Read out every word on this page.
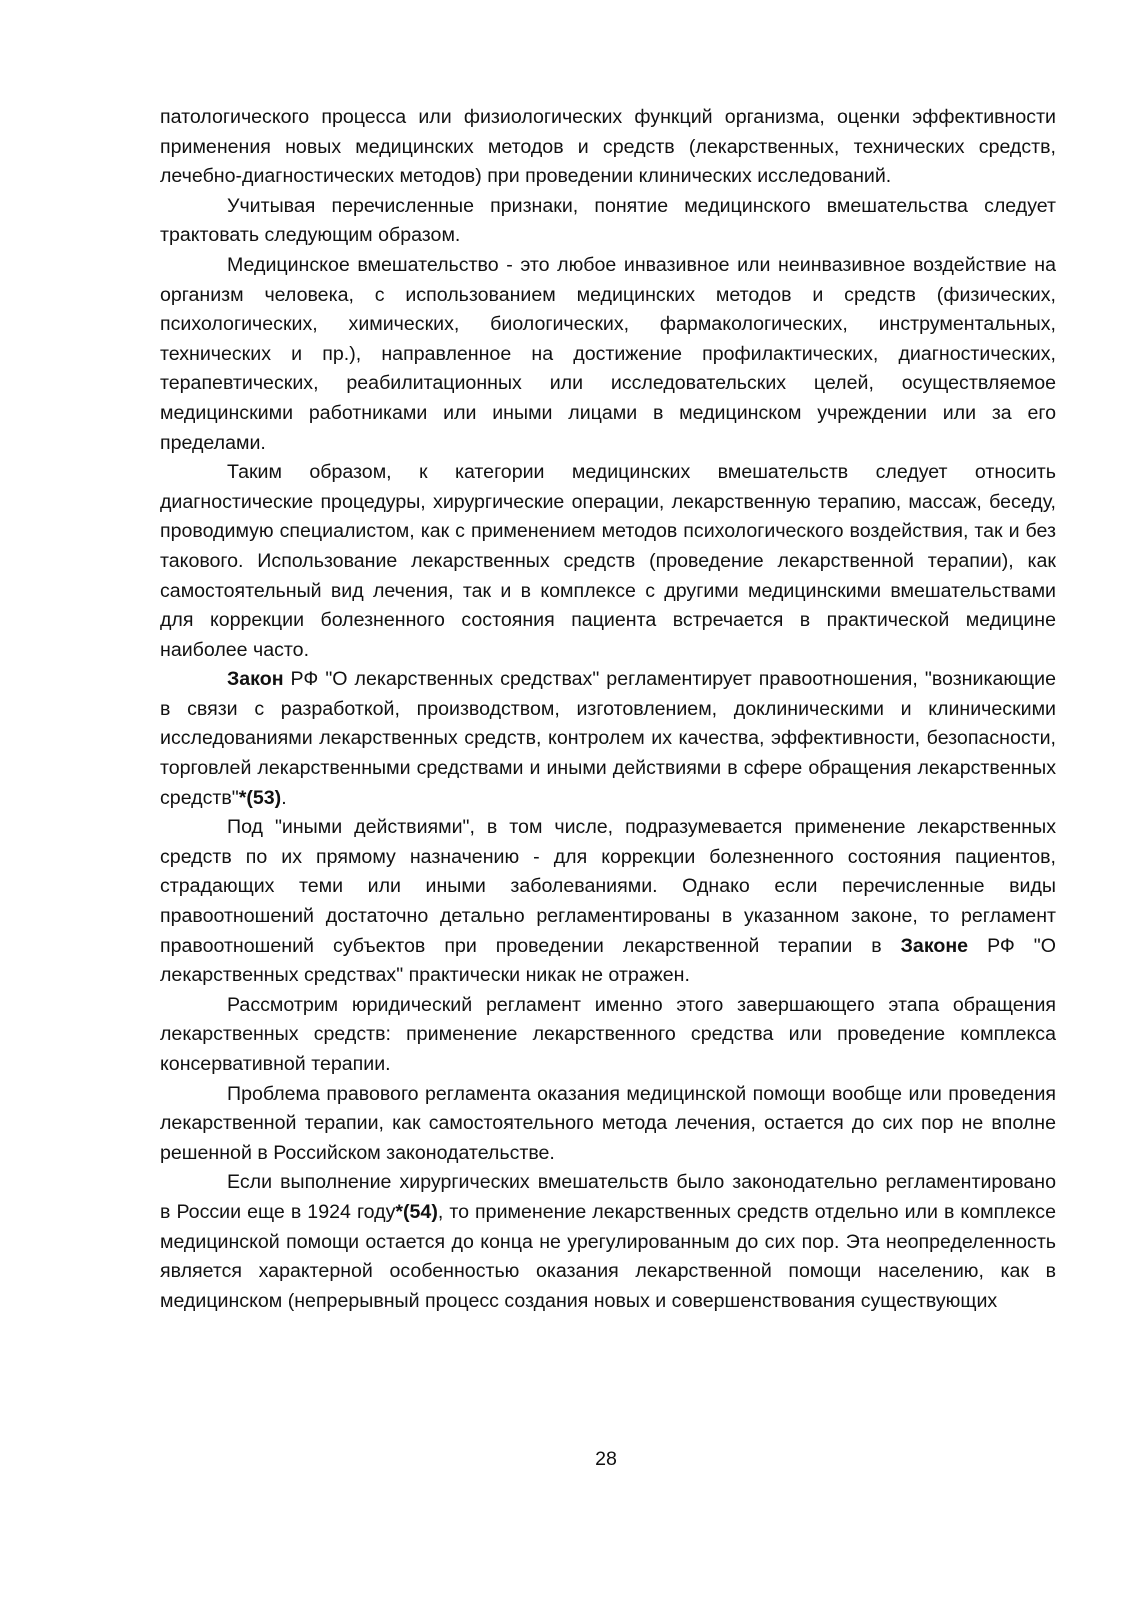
патологического процесса или физиологических функций организма, оценки эффективности применения новых медицинских методов и средств (лекарственных, технических средств, лечебно-диагностических методов) при проведении клинических исследований.

Учитывая перечисленные признаки, понятие медицинского вмешательства следует трактовать следующим образом.

Медицинское вмешательство - это любое инвазивное или неинвазивное воздействие на организм человека, с использованием медицинских методов и средств (физических, психологических, химических, биологических, фармакологических, инструментальных, технических и пр.), направленное на достижение профилактических, диагностических, терапевтических, реабилитационных или исследовательских целей, осуществляемое медицинскими работниками или иными лицами в медицинском учреждении или за его пределами.

Таким образом, к категории медицинских вмешательств следует относить диагностические процедуры, хирургические операции, лекарственную терапию, массаж, беседу, проводимую специалистом, как с применением методов психологического воздействия, так и без такового. Использование лекарственных средств (проведение лекарственной терапии), как самостоятельный вид лечения, так и в комплексе с другими медицинскими вмешательствами для коррекции болезненного состояния пациента встречается в практической медицине наиболее часто.

Закон РФ "О лекарственных средствах" регламентирует правоотношения, "возникающие в связи с разработкой, производством, изготовлением, доклиническими и клиническими исследованиями лекарственных средств, контролем их качества, эффективности, безопасности, торговлей лекарственными средствами и иными действиями в сфере обращения лекарственных средств"*(53).

Под "иными действиями", в том числе, подразумевается применение лекарственных средств по их прямому назначению - для коррекции болезненного состояния пациентов, страдающих теми или иными заболеваниями. Однако если перечисленные виды правоотношений достаточно детально регламентированы в указанном законе, то регламент правоотношений субъектов при проведении лекарственной терапии в Законе РФ "О лекарственных средствах" практически никак не отражен.

Рассмотрим юридический регламент именно этого завершающего этапа обращения лекарственных средств: применение лекарственного средства или проведение комплекса консервативной терапии.

Проблема правового регламента оказания медицинской помощи вообще или проведения лекарственной терапии, как самостоятельного метода лечения, остается до сих пор не вполне решенной в Российском законодательстве.

Если выполнение хирургических вмешательств было законодательно регламентировано в России еще в 1924 году*(54), то применение лекарственных средств отдельно или в комплексе медицинской помощи остается до конца не урегулированным до сих пор. Эта неопределенность является характерной особенностью оказания лекарственной помощи населению, как в медицинском (непрерывный процесс создания новых и совершенствования существующих

28
